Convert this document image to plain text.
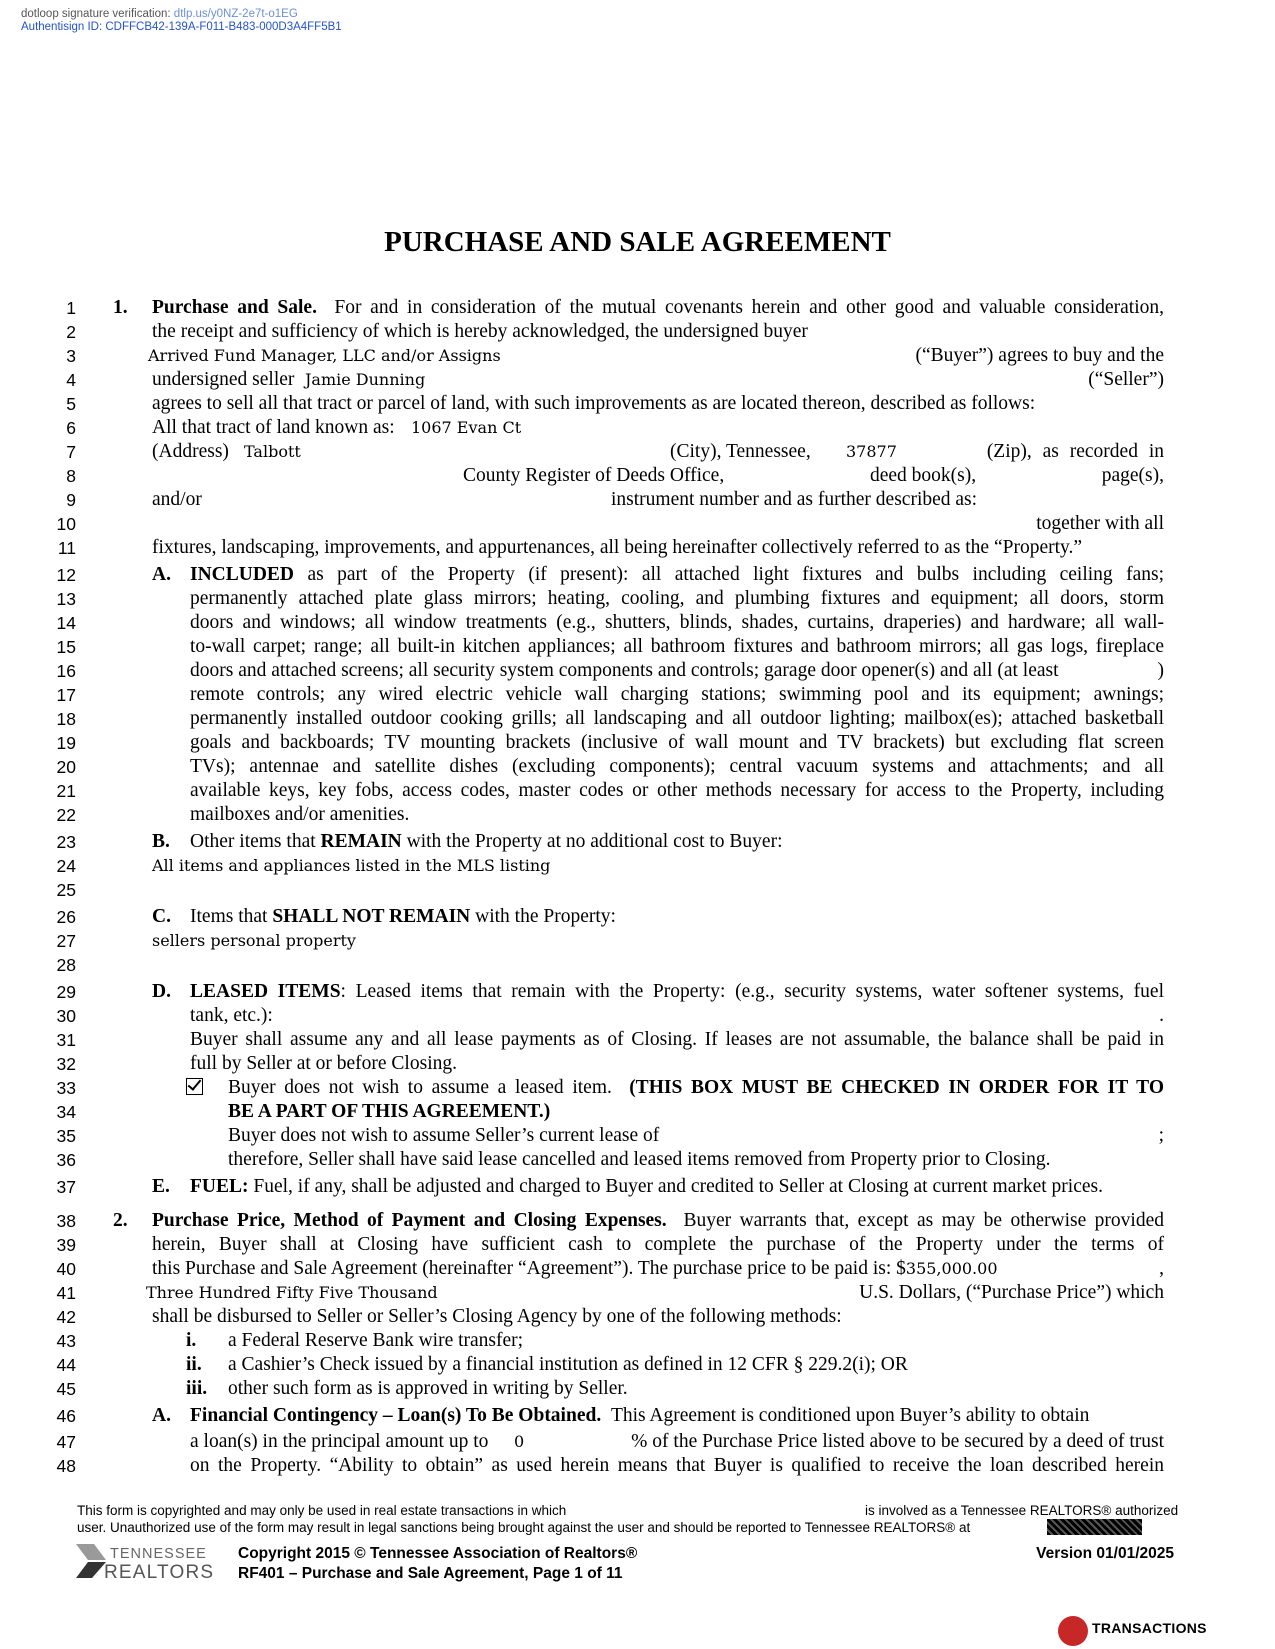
dotloop signature verification: dtlp.us/y0NZ-2e7t-o1EG
Authentisign ID: CDFFCB42-139A-F011-B483-000D3A4FF5B1
PURCHASE AND SALE AGREEMENT
1 1. Purchase and Sale. For and in consideration of the mutual covenants herein and other good and valuable consideration,
2	the receipt and sufficiency of which is hereby acknowledged, the undersigned buyer
3	Arrived Fund Manager, LLC and/or Assigns	(“Buyer”) agrees to buy and the
4	undersigned seller Jamie Dunning	(“Seller”)
5	agrees to sell all that tract or parcel of land, with such improvements as are located thereon, described as follows:
6	All that tract of land known as: 1067 Evan Ct
7	(Address) Talbott	(City), Tennessee, 37877	(Zip), as recorded in
8	County Register of Deeds Office,	deed book(s),	page(s),
9	and/or	instrument number and as further described as:
10	together with all
11	fixtures, landscaping, improvements, and appurtenances, all being hereinafter collectively referred to as the “Property.”
12	A. INCLUDED as part of the Property (if present): all attached light fixtures and bulbs including ceiling fans;
13	permanently attached plate glass mirrors; heating, cooling, and plumbing fixtures and equipment; all doors, storm
14	doors and windows; all window treatments (e.g., shutters, blinds, shades, curtains, draperies) and hardware; all wall-
15	to-wall carpet; range; all built-in kitchen appliances; all bathroom fixtures and bathroom mirrors; all gas logs, fireplace
16	doors and attached screens; all security system components and controls; garage door opener(s) and all (at least	)
17	remote controls; any wired electric vehicle wall charging stations; swimming pool and its equipment; awnings;
18	permanently installed outdoor cooking grills; all landscaping and all outdoor lighting; mailbox(es); attached basketball
19	goals and backboards; TV mounting brackets (inclusive of wall mount and TV brackets) but excluding flat screen
20	TVs); antennae and satellite dishes (excluding components); central vacuum systems and attachments; and all
21	available keys, key fobs, access codes, master codes or other methods necessary for access to the Property, including
22	mailboxes and/or amenities.
23	B. Other items that REMAIN with the Property at no additional cost to Buyer:
24	All items and appliances listed in the MLS listing
25
26	C. Items that SHALL NOT REMAIN with the Property:
27	sellers personal property
28
29	D. LEASED ITEMS: Leased items that remain with the Property: (e.g., security systems, water softener systems, fuel
30	tank, etc.):	.
31	Buyer shall assume any and all lease payments as of Closing. If leases are not assumable, the balance shall be paid in
32	full by Seller at or before Closing.
33	Buyer does not wish to assume a leased item. (THIS BOX MUST BE CHECKED IN ORDER FOR IT TO
34	BE A PART OF THIS AGREEMENT.)
35	Buyer does not wish to assume Seller’s current lease of	;
36	therefore, Seller shall have said lease cancelled and leased items removed from Property prior to Closing.
37	E. FUEL: Fuel, if any, shall be adjusted and charged to Buyer and credited to Seller at Closing at current market prices.
38 2. Purchase Price, Method of Payment and Closing Expenses. Buyer warrants that, except as may be otherwise provided
39	herein, Buyer shall at Closing have sufficient cash to complete the purchase of the Property under the terms of
40	this Purchase and Sale Agreement (hereinafter “Agreement”). The purchase price to be paid is: $355,000.00	,
41	Three Hundred Fifty Five Thousand	U.S. Dollars, (“Purchase Price”) which
42	shall be disbursed to Seller or Seller’s Closing Agency by one of the following methods:
43	i. a Federal Reserve Bank wire transfer;
44	ii. a Cashier’s Check issued by a financial institution as defined in 12 CFR § 229.2(i); OR
45	iii. other such form as is approved in writing by Seller.
46	A. Financial Contingency – Loan(s) To Be Obtained. This Agreement is conditioned upon Buyer’s ability to obtain
47	a loan(s) in the principal amount up to 0	% of the Purchase Price listed above to be secured by a deed of trust
48	on the Property. “Ability to obtain” as used herein means that Buyer is qualified to receive the loan described herein
This form is copyrighted and may only be used in real estate transactions in which	is involved as a Tennessee REALTORS® authorized
user. Unauthorized use of the form may result in legal sanctions being brought against the user and should be reported to Tennessee REALTORS® at
TENNESSEE
REALTORS
Copyright 2015 © Tennessee Association of Realtors®
RF401 – Purchase and Sale Agreement, Page 1 of 11
Version 01/01/2025
TRANSACTIONS
